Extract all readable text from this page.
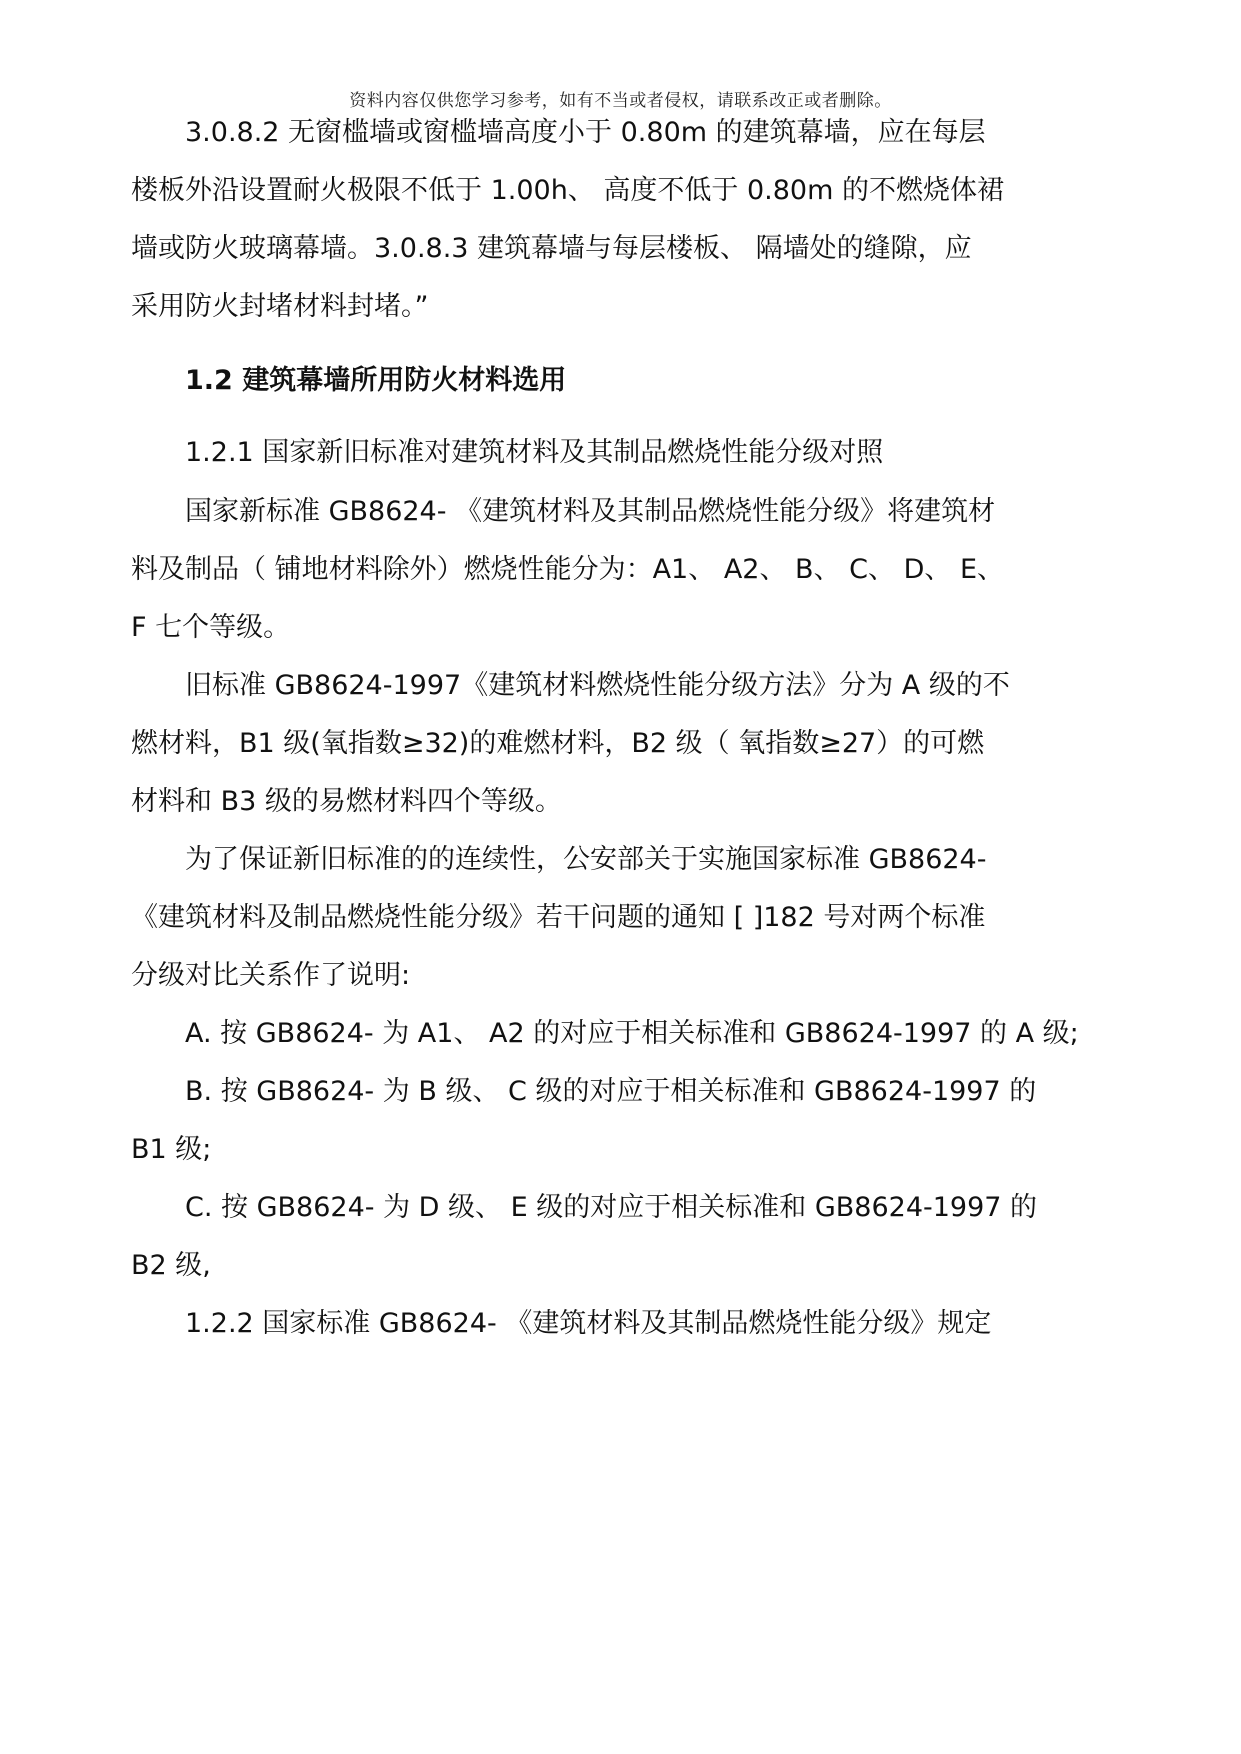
资料内容仅供您学习参考，如有不当或者侵权，请联系改正或者删除。
3.0.8.2 无窗槛墙或窗槛墙高度小于 0.80m 的建筑幕墙，应在每层
楼板外沿设置耐火极限不低于 1.00h、 高度不低于 0.80m 的不燃烧体裙
墙或防火玻璃幕墙。3.0.8.3 建筑幕墙与每层楼板、 隔墙处的缝隙，应
采用防火封堵材料封堵。”
1.2 建筑幕墙所用防火材料选用
1.2.1 国家新旧标准对建筑材料及其制品燃烧性能分级对照
国家新标准 GB8624- 《建筑材料及其制品燃烧性能分级》将建筑材
料及制品（ 铺地材料除外）燃烧性能分为：A1、 A2、 B、 C、 D、 E、
F 七个等级。
旧标准 GB8624-1997《建筑材料燃烧性能分级方法》分为 A 级的不
燃材料，B1 级(氧指数≥32)的难燃材料，B2 级（ 氧指数≥27）的可燃
材料和 B3 级的易燃材料四个等级。
为了保证新旧标准的的连续性，公安部关于实施国家标准 GB8624-
《建筑材料及制品燃烧性能分级》若干问题的通知 [ ]182 号对两个标准
分级对比关系作了说明:
A. 按 GB8624- 为 A1、 A2 的对应于相关标准和 GB8624-1997 的 A 级;
B. 按 GB8624- 为 B 级、 C 级的对应于相关标准和 GB8624-1997 的
B1 级;
C. 按 GB8624- 为 D 级、 E 级的对应于相关标准和 GB8624-1997 的
B2 级,
1.2.2 国家标准 GB8624- 《建筑材料及其制品燃烧性能分级》规定
